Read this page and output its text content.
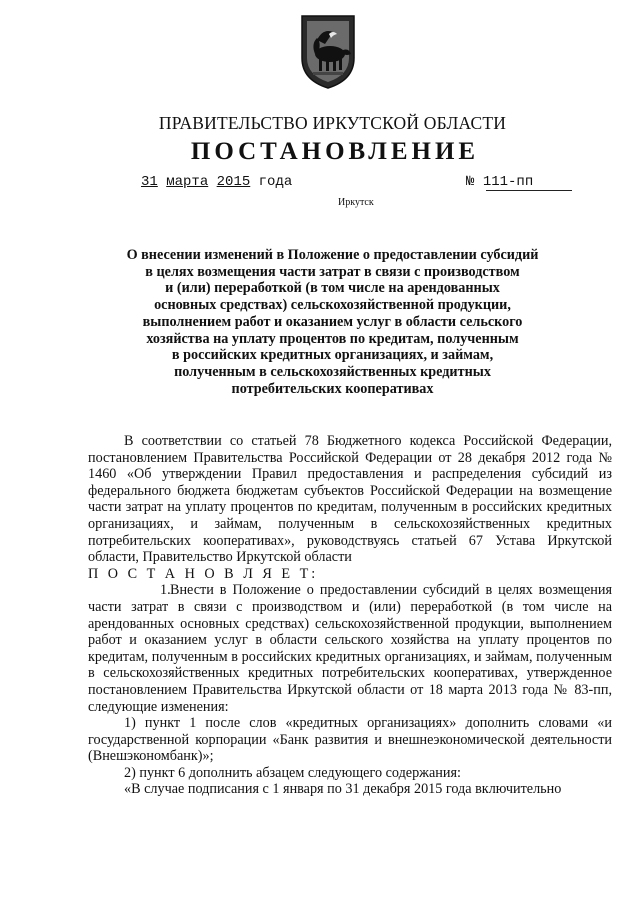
ПРАВИТЕЛЬСТВО ИРКУТСКОЙ ОБЛАСТИ
ПОСТАНОВЛЕНИЕ
31 марта 2015 года	№ 111-пп
Иркутск
О внесении изменений в Положение о предоставлении субсидий
в целях возмещения части затрат в связи с производством
и (или) переработкой (в том числе на арендованных
основных средствах) сельскохозяйственной продукции,
выполнением работ и оказанием услуг в области сельского
хозяйства на уплату процентов по кредитам, полученным
в российских кредитных организациях, и займам,
полученным в сельскохозяйственных кредитных
потребительских кооперативах

В соответствии со статьей 78 Бюджетного кодекса Российской Федерации, постановлением Правительства Российской Федерации от 28 декабря 2012 года № 1460 «Об утверждении Правил предоставления и распределения субсидий из федерального бюджета бюджетам субъектов Российской Федерации на возмещение части затрат на уплату процентов по кредитам, полученным в российских кредитных организациях, и займам, полученным в сельскохозяйственных кредитных потребительских кооперативах», руководствуясь статьей 67 Устава Иркутской области, Правительство Иркутской области

П О С Т А Н О В Л Я Е Т:

1.Внести в Положение о предоставлении субсидий в целях возмещения части затрат в связи с производством и (или) переработкой (в том числе на арендованных основных средствах) сельскохозяйственной продукции, выполнением работ и оказанием услуг в области сельского хозяйства на уплату процентов по кредитам, полученным в российских кредитных организациях, и займам, полученным в сельскохозяйственных кредитных потребительских кооперативах, утвержденное постановлением Правительства Иркутской области от 18 марта 2013 года № 83-пп, следующие изменения:

1) пункт 1 после слов «кредитных организациях» дополнить словами «и государственной корпорации «Банк развития и внешнеэкономической деятельности (Внешэкономбанк)»;

2) пункт 6 дополнить абзацем следующего содержания:

«В случае подписания с 1 января по 31 декабря 2015 года включительно
